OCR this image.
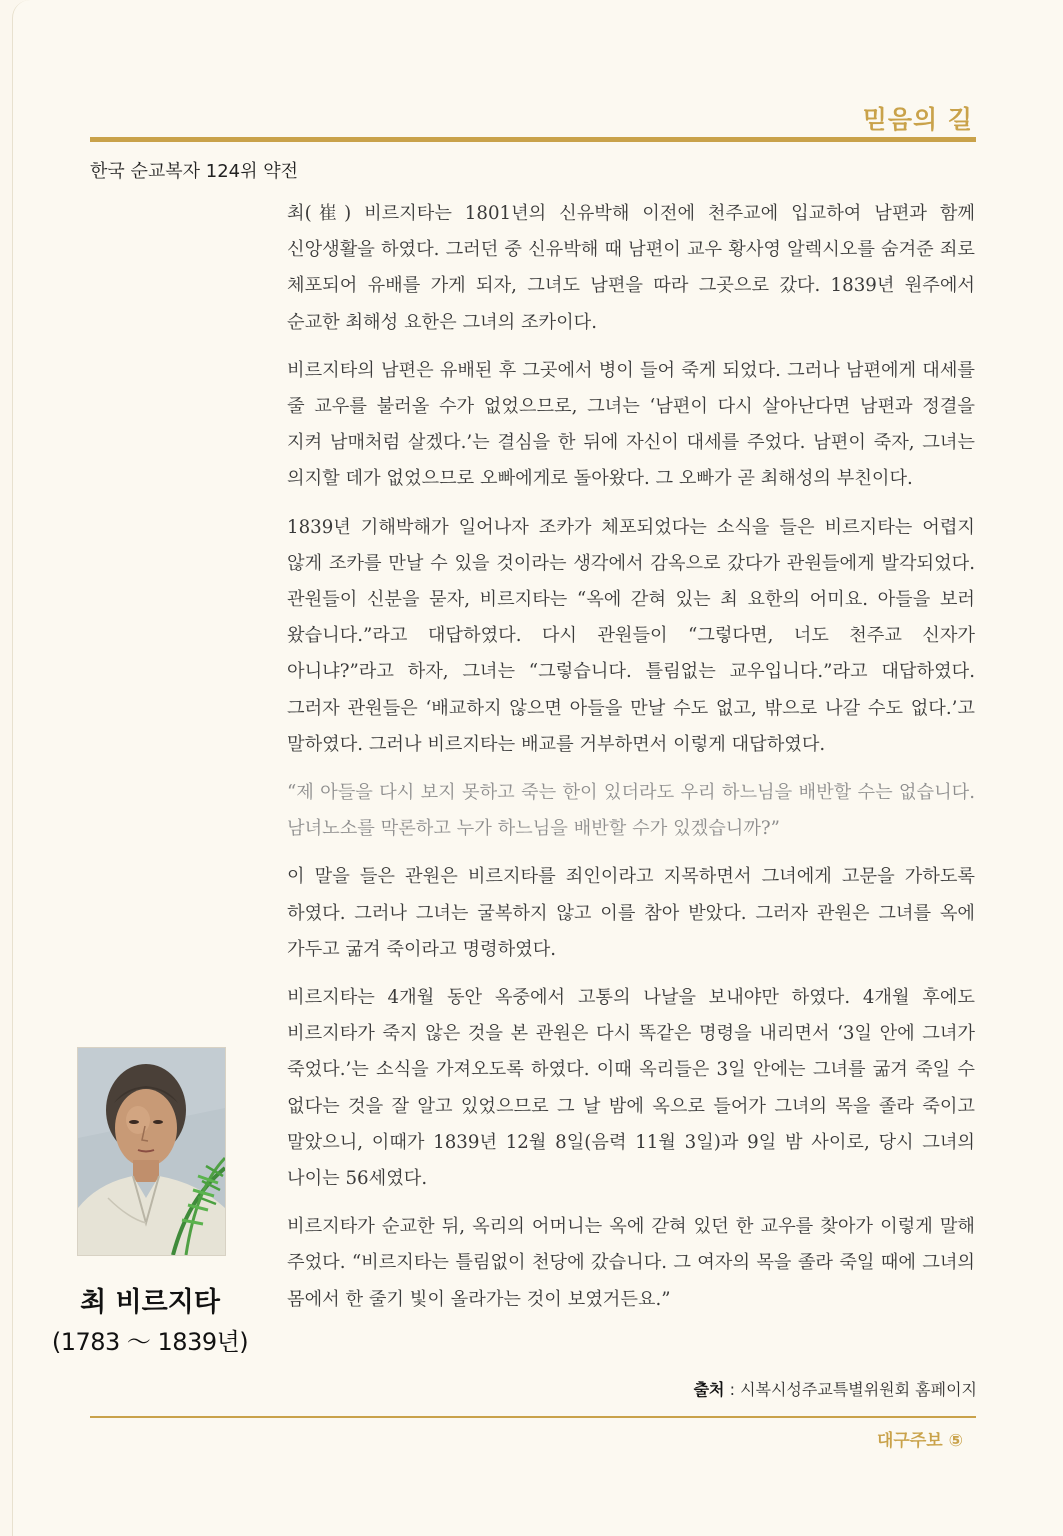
믿음의 길
한국 순교복자 124위 약전

최(崔) 비르지타는 1801년의 신유박해 이전에 천주교에 입교하여 남편과 함께 신앙생활을 하였다. 그러던 중 신유박해 때 남편이 교우 황사영 알렉시오를 숨겨준 죄로 체포되어 유배를 가게 되자, 그녀도 남편을 따라 그곳으로 갔다. 1839년 원주에서 순교한 최해성 요한은 그녀의 조카이다.

비르지타의 남편은 유배된 후 그곳에서 병이 들어 죽게 되었다. 그러나 남편에게 대세를 줄 교우를 불러올 수가 없었으므로, 그녀는 ‘남편이 다시 살아난다면 남편과 정결을 지켜 남매처럼 살겠다.’는 결심을 한 뒤에 자신이 대세를 주었다. 남편이 죽자, 그녀는 의지할 데가 없었으므로 오빠에게로 돌아왔다. 그 오빠가 곧 최해성의 부친이다.

1839년 기해박해가 일어나자 조카가 체포되었다는 소식을 들은 비르지타는 어렵지 않게 조카를 만날 수 있을 것이라는 생각에서 감옥으로 갔다가 관원들에게 발각되었다. 관원들이 신분을 묻자, 비르지타는 “옥에 갇혀 있는 최 요한의 어미요. 아들을 보러 왔습니다.”라고 대답하였다. 다시 관원들이 “그렇다면, 너도 천주교 신자가 아니냐?”라고 하자, 그녀는 “그렇습니다. 틀림없는 교우입니다.”라고 대답하였다. 그러자 관원들은 ‘배교하지 않으면 아들을 만날 수도 없고, 밖으로 나갈 수도 없다.’고 말하였다. 그러나 비르지타는 배교를 거부하면서 이렇게 대답하였다.

“제 아들을 다시 보지 못하고 죽는 한이 있더라도 우리 하느님을 배반할 수는 없습니다. 남녀노소를 막론하고 누가 하느님을 배반할 수가 있겠습니까?”

이 말을 들은 관원은 비르지타를 죄인이라고 지목하면서 그녀에게 고문을 가하도록 하였다. 그러나 그녀는 굴복하지 않고 이를 참아 받았다. 그러자 관원은 그녀를 옥에 가두고 굶겨 죽이라고 명령하였다.

비르지타는 4개월 동안 옥중에서 고통의 나날을 보내야만 하였다. 4개월 후에도 비르지타가 죽지 않은 것을 본 관원은 다시 똑같은 명령을 내리면서 ‘3일 안에 그녀가 죽었다.’는 소식을 가져오도록 하였다. 이때 옥리들은 3일 안에는 그녀를 굶겨 죽일 수 없다는 것을 잘 알고 있었으므로 그 날 밤에 옥으로 들어가 그녀의 목을 졸라 죽이고 말았으니, 이때가 1839년 12월 8일(음력 11월 3일)과 9일 밤 사이로, 당시 그녀의 나이는 56세였다.

비르지타가 순교한 뒤, 옥리의 어머니는 옥에 갇혀 있던 한 교우를 찾아가 이렇게 말해 주었다. “비르지타는 틀림없이 천당에 갔습니다. 그 여자의 목을 졸라 죽일 때에 그녀의 몸에서 한 줄기 빛이 올라가는 것이 보였거든요.”

최 비르지타
(1783 ～ 1839년)
출처 : 시복시성주교특별위원회 홈페이지
대구주보 ⑤
